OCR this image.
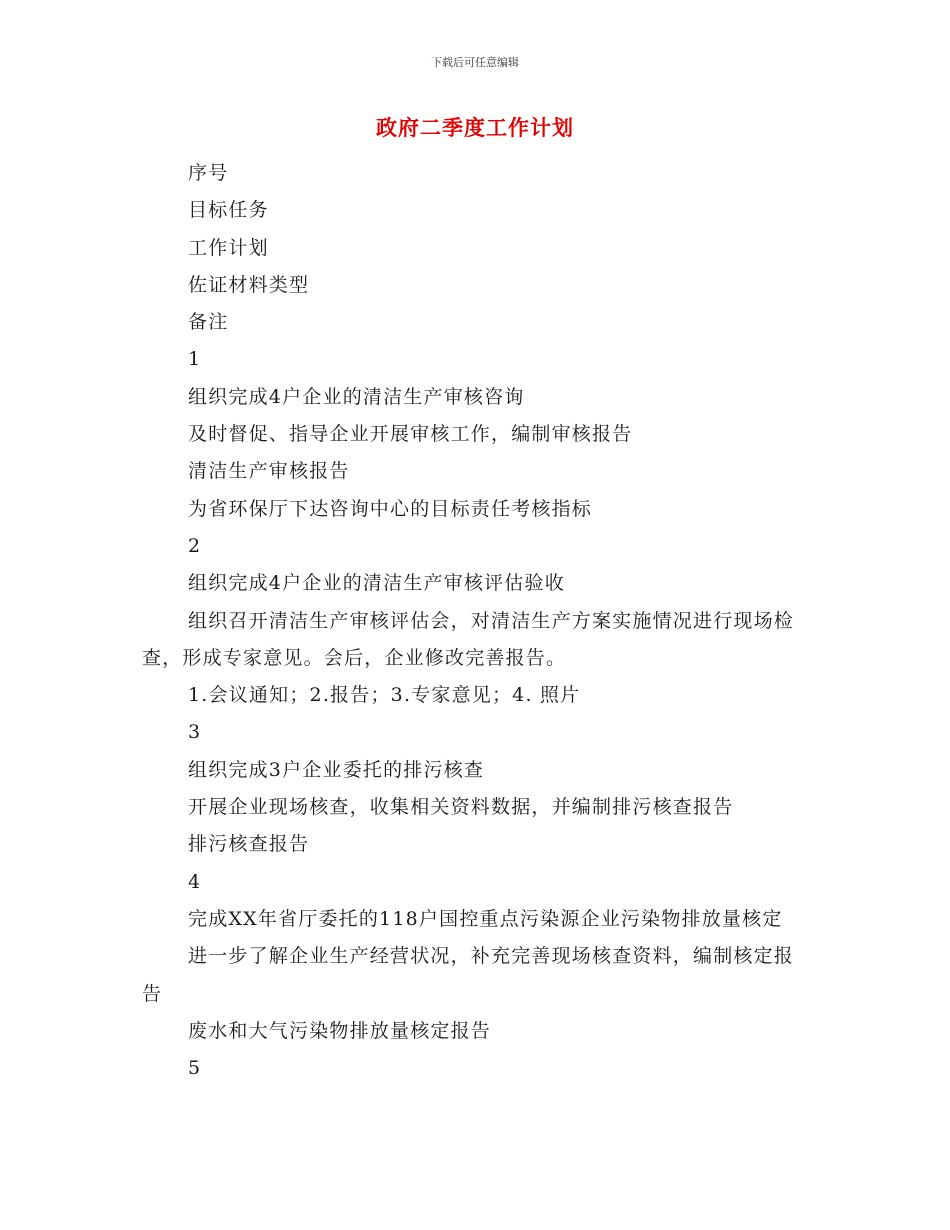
下载后可任意编辑
政府二季度工作计划

序号

目标任务

工作计划

佐证材料类型

备注

1

组织完成4户企业的清洁生产审核咨询

及时督促、指导企业开展审核工作，编制审核报告

清洁生产审核报告

为省环保厅下达咨询中心的目标责任考核指标

2

组织完成4户企业的清洁生产审核评估验收

组织召开清洁生产审核评估会，对清洁生产方案实施情况进行现场检查，形成专家意见。会后，企业修改完善报告。

1.会议通知；2.报告；3.专家意见；4. 照片

3

组织完成3户企业委托的排污核查

开展企业现场核查，收集相关资料数据，并编制排污核查报告

排污核查报告

4

完成XX年省厅委托的118户国控重点污染源企业污染物排放量核定

进一步了解企业生产经营状况，补充完善现场核查资料，编制核定报告

废水和大气污染物排放量核定报告

5
